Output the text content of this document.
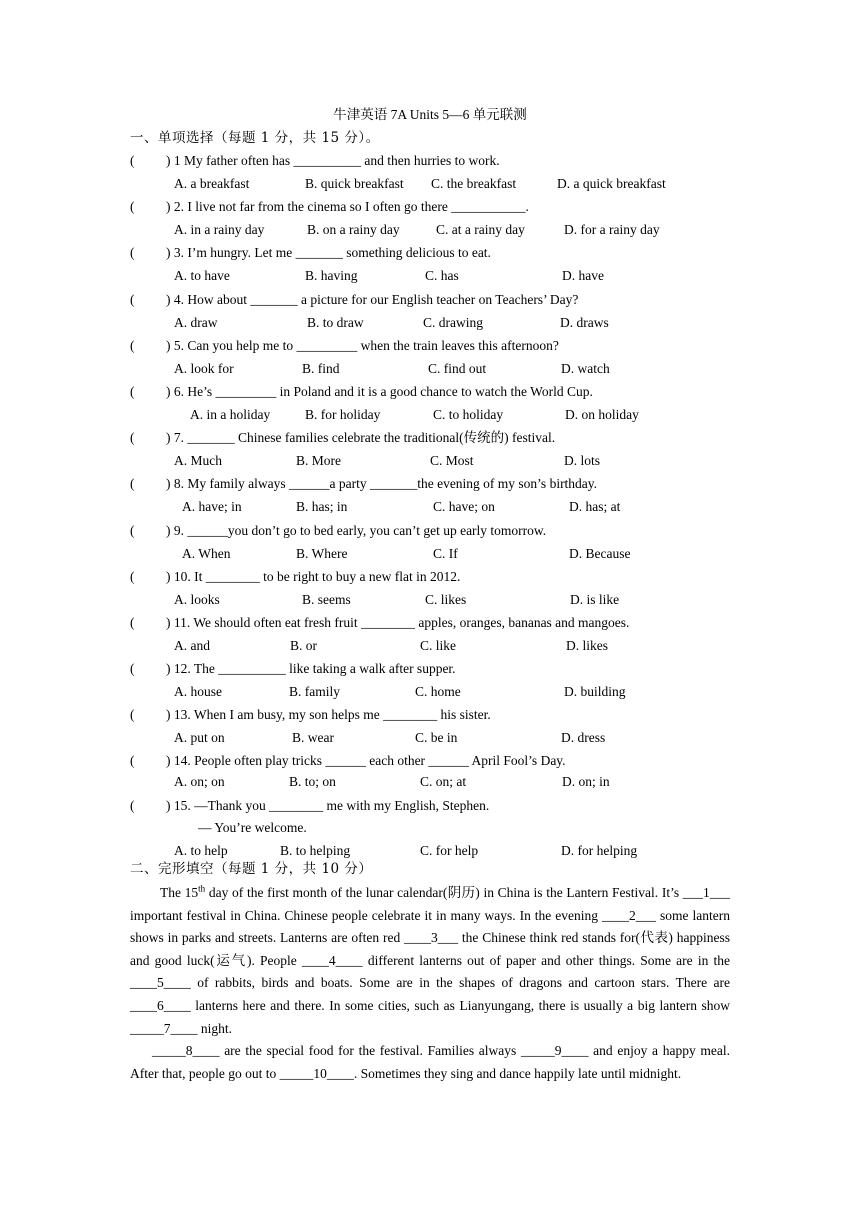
牛津英语 7A Units 5—6 单元联测
一、单项选择（每题 1 分，共 15 分）。
( ) 1 My father often has __________ and then hurries to work.
A. a breakfast	B. quick breakfast C. the breakfast	D. a quick breakfast
( ) 2. I live not far from the cinema so I often go there ___________.
A. in a rainy day	B. on a rainy day	C. at a rainy day	D. for a rainy day
( ) 3. I’m hungry. Let me _______ something delicious to eat.
A. to have	B. having	C. has	D. have
( ) 4. How about _______ a picture for our English teacher on Teachers’ Day?
A. draw	B. to draw	C. drawing	D. draws
( ) 5. Can you help me to _________ when the train leaves this afternoon?
A. look for	B. find	C. find out	D. watch
( ) 6. He’s _________ in Poland and it is a good chance to watch the World Cup.
A. in a holiday	B. for holiday	C. to holiday	D. on holiday
( ) 7. _______ Chinese families celebrate the traditional(传统的) festival.
A. Much	B. More	C. Most	D. lots
( ) 8. My family always ______a party _______the evening of my son’s birthday.
A. have; in	B. has; in	C. have; on	D. has; at
( ) 9. ______you don’t go to bed early, you can’t get up early tomorrow.
A. When	B. Where	C. If	D. Because
( ) 10. It ________ to be right to buy a new flat in 2012.
A. looks	B. seems	C. likes	D. is like
( ) 11. We should often eat fresh fruit ________ apples, oranges, bananas and mangoes.
A. and	B. or	C. like	D. likes
( ) 12. The __________ like taking a walk after supper.
A. house	B. family	C. home	D. building
( ) 13. When I am busy, my son helps me ________ his sister.
A. put on	B. wear	C. be in	D. dress
( ) 14. People often play tricks ______ each other ______ April Fool’s Day.
A. on; on	B. to; on	C. on; at	D. on; in
( ) 15. —Thank you ________ me with my English, Stephen.
— You’re welcome.
A. to help	B. to helping	C. for help	D. for helping
二、完形填空（每题 1 分，共 10 分）

The 15th day of the first month of the lunar calendar(阴历) in China is the Lantern Festival. It’s ___1___ important festival in China. Chinese people celebrate it in many ways. In the evening ____2___ some lantern shows in parks and streets. Lanterns are often red ____3___ the Chinese think red stands for(代表) happiness and good luck(运气). People ____4____ different lanterns out of paper and other things. Some are in the ____5____ of rabbits, birds and boats. Some are in the shapes of dragons and cartoon stars. There are ____6____ lanterns here and there. In some cities, such as Lianyungang, there is usually a big lantern show _____7____ night.

_____8____ are the special food for the festival. Families always _____9____ and enjoy a happy meal. After that, people go out to _____10____. Sometimes they sing and dance happily late until midnight.
